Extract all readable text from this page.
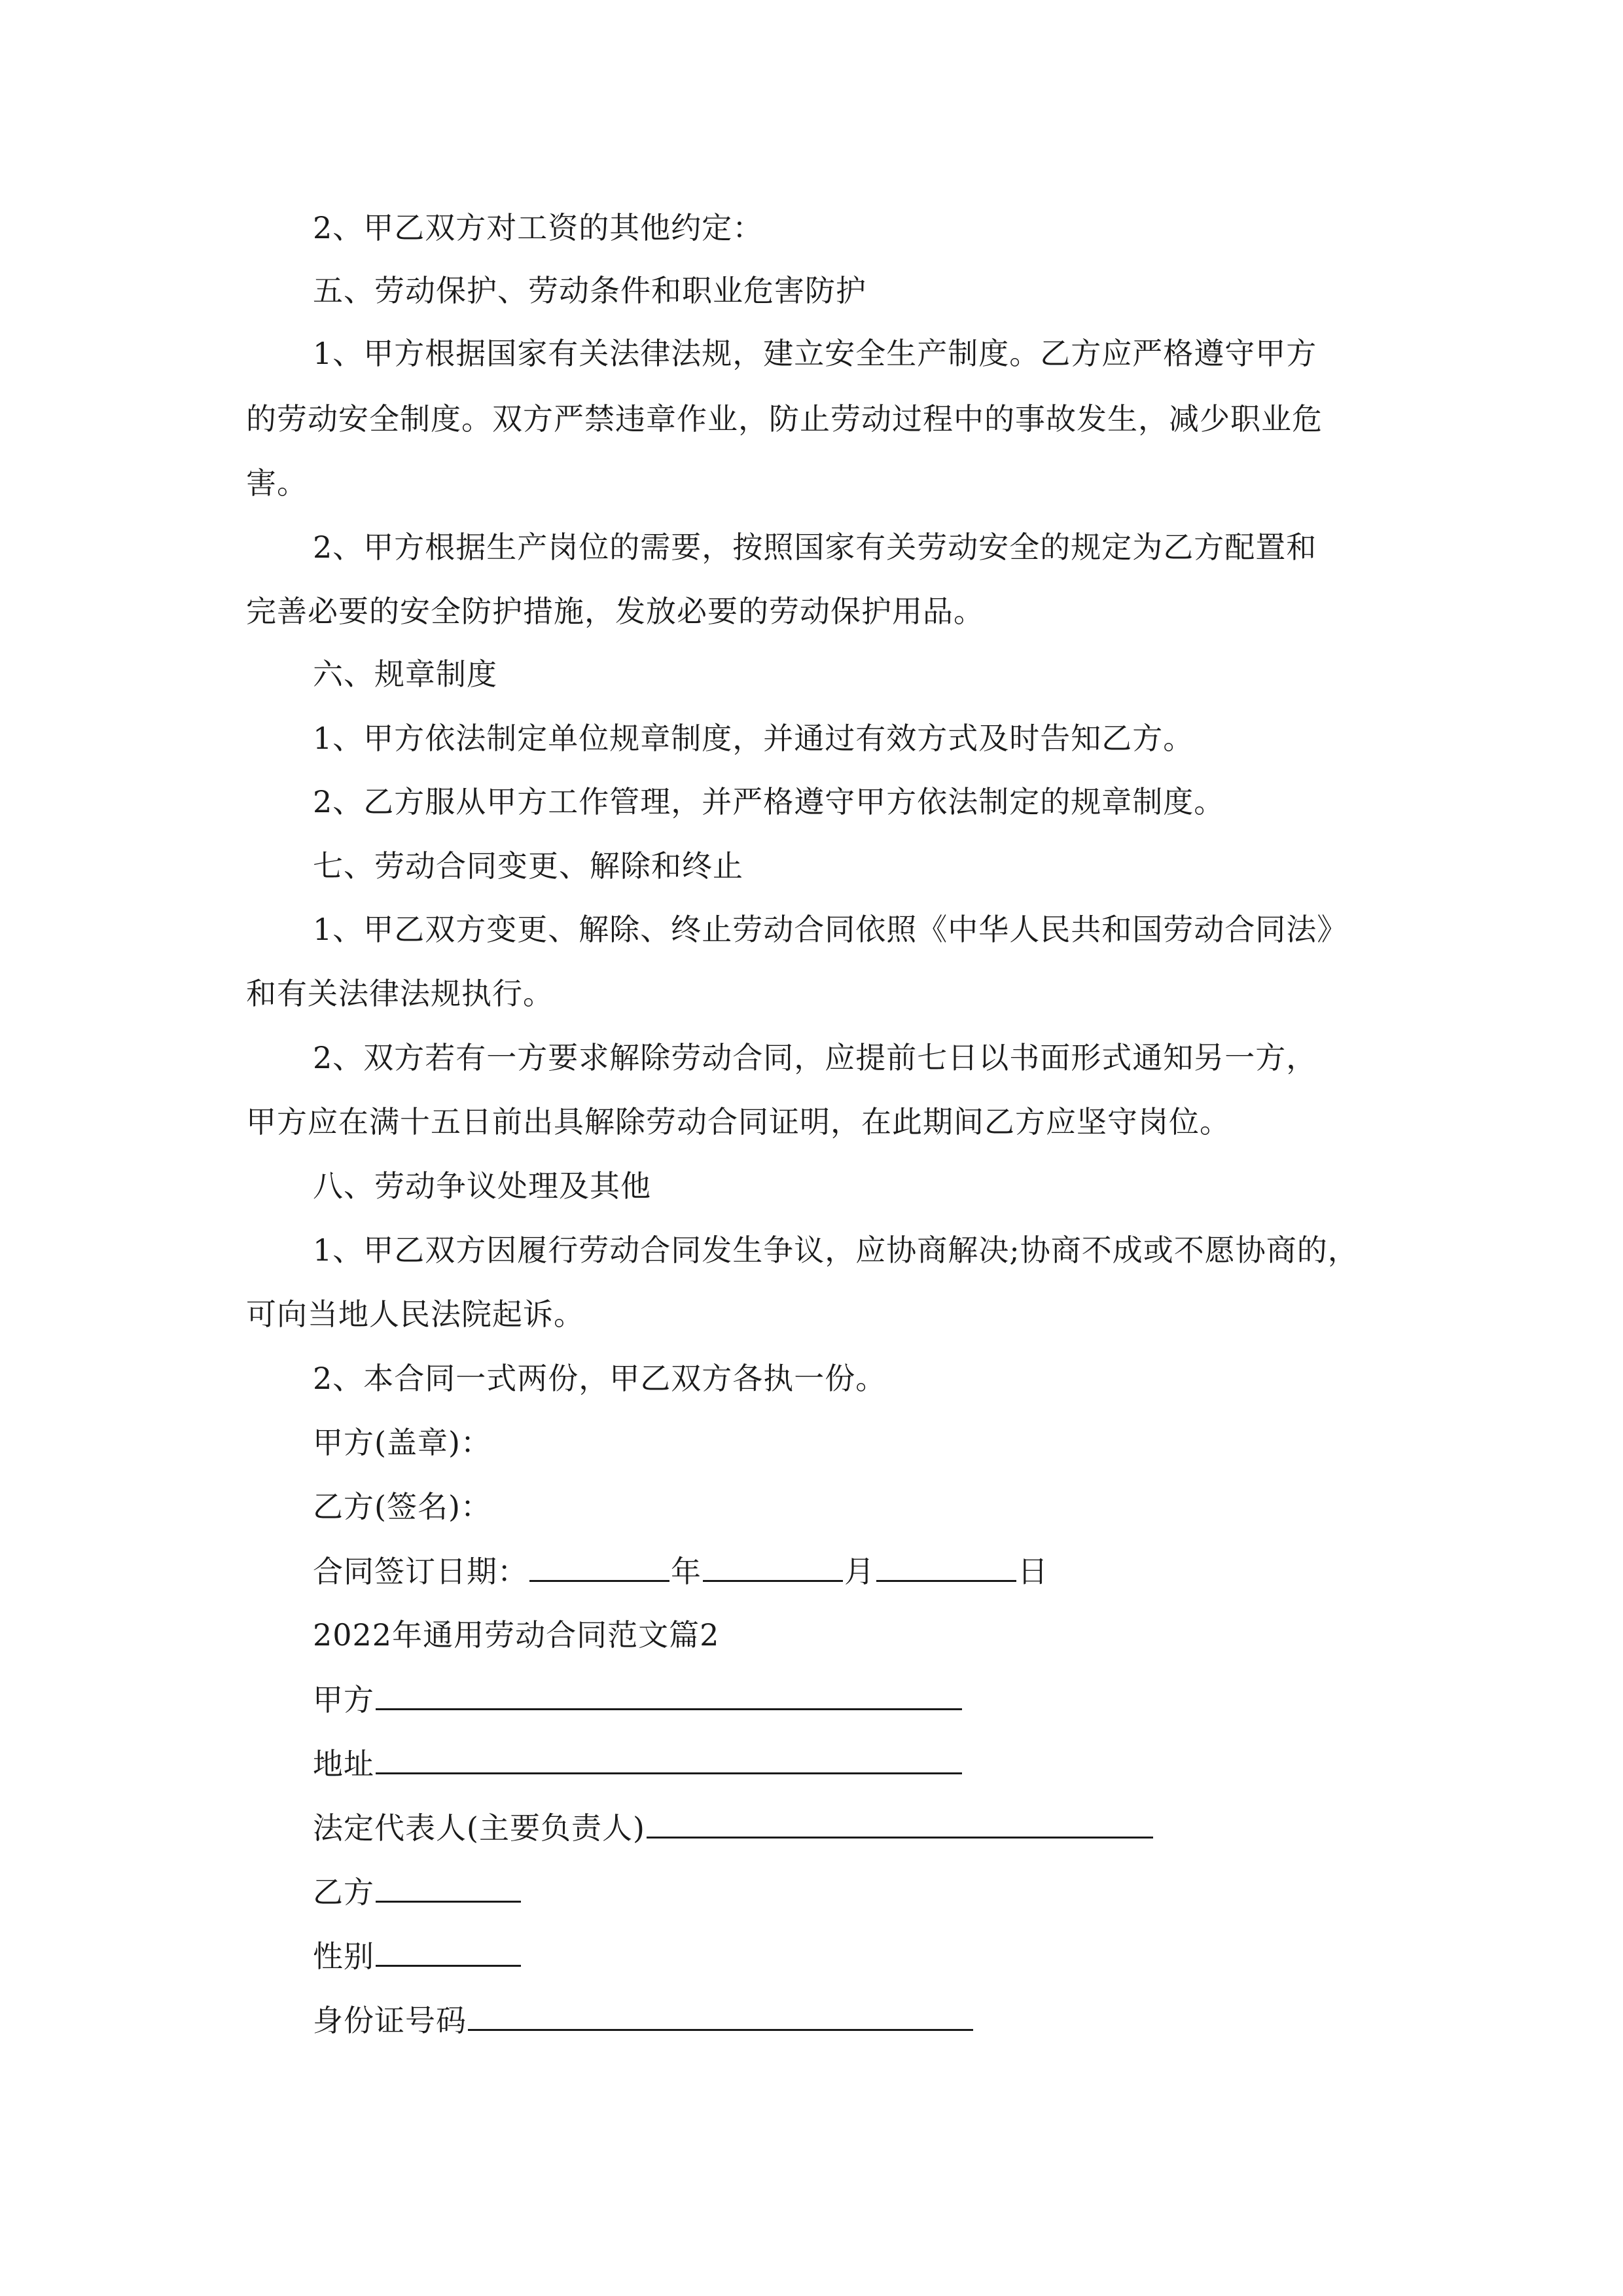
2、甲乙双方对工资的其他约定：
五、劳动保护、劳动条件和职业危害防护
1、甲方根据国家有关法律法规，建立安全生产制度。乙方应严格遵守甲方
的劳动安全制度。双方严禁违章作业，防止劳动过程中的事故发生，减少职业危
害。
2、甲方根据生产岗位的需要，按照国家有关劳动安全的规定为乙方配置和
完善必要的安全防护措施，发放必要的劳动保护用品。
六、规章制度
1、甲方依法制定单位规章制度，并通过有效方式及时告知乙方。
2、乙方服从甲方工作管理，并严格遵守甲方依法制定的规章制度。
七、劳动合同变更、解除和终止
1、甲乙双方变更、解除、终止劳动合同依照《中华人民共和国劳动合同法》
和有关法律法规执行。
2、双方若有一方要求解除劳动合同，应提前七日以书面形式通知另一方，
甲方应在满十五日前出具解除劳动合同证明，在此期间乙方应坚守岗位。
八、劳动争议处理及其他
1、甲乙双方因履行劳动合同发生争议，应协商解决;协商不成或不愿协商的，
可向当地人民法院起诉。
2、本合同一式两份，甲乙双方各执一份。
甲方(盖章)：
乙方(签名)：
合同签订日期：	年	月	日
2022年通用劳动合同范文篇2
甲方
地址
法定代表人(主要负责人)
乙方
性别
身份证号码
